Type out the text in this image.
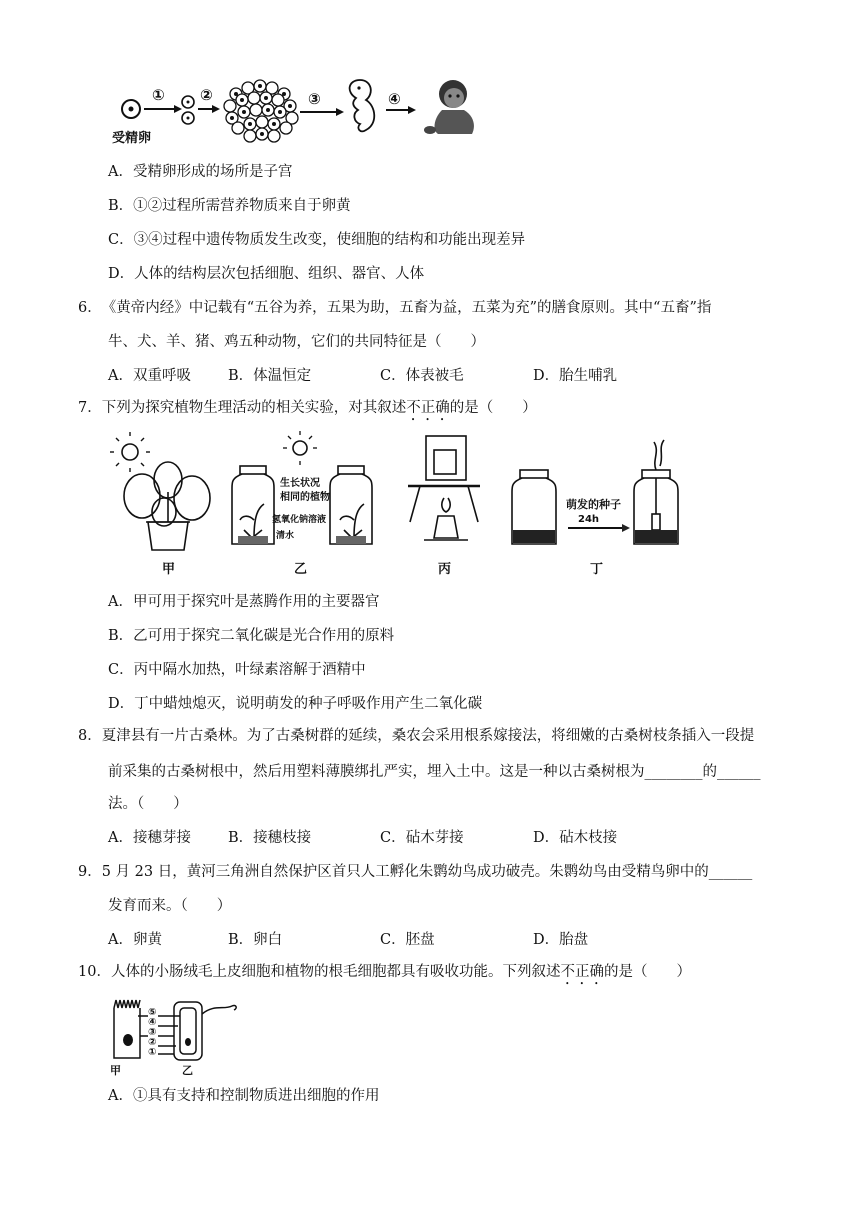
受精卵
① ②	③	④
A．受精卵形成的场所是子宫
B．①②过程所需营养物质来自于卵黄
C．③④过程中遗传物质发生改变，使细胞的结构和功能出现差异
D．人体的结构层次包括细胞、组织、器官、人体
6．　《黄帝内经》中记载有“五谷为养，五果为助，五畜为益，五菜为充”的膳食原则。其中“五畜”指
牛、犬、羊、猪、鸡五种动物，它们的共同特征是（　　）
A．双重呼吸	B．体温恒定	C．体表被毛	D．胎生哺乳
7．下列为探究植物生理活动的相关实验，对其叙述不正确的是（　　）
生长状况
相同的植物
氢氧化钠溶液
清水
萌发的种子
24h
甲	乙	丙	丁
A．甲可用于探究叶是蒸腾作用的主要器官
B．乙可用于探究二氧化碳是光合作用的原料
C．丙中隔水加热，叶绿素溶解于酒精中
D．丁中蜡烛熄灭，说明萌发的种子呼吸作用产生二氧化碳
8．夏津县有一片古桑林。为了古桑树群的延续，桑农会采用根系嫁接法，将细嫩的古桑树枝条插入一段提
前采集的古桑树根中，然后用塑料薄膜绑扎严实，埋入土中。这是一种以古桑树根为________的______
法。（　　）
A．接穗芽接	B．接穗枝接	C．砧木芽接	D．砧木枝接
9．5 月 23 日，黄河三角洲自然保护区首只人工孵化朱鹮幼鸟成功破壳。朱鹮幼鸟由受精鸟卵中的______
发育而来。（　　）
A．卵黄	B．卵白	C．胚盘	D．胎盘
10．人体的小肠绒毛上皮细胞和植物的根毛细胞都具有吸收功能。下列叙述不正确的是（　　）
⑤
④
③
②
①
甲	乙
A．①具有支持和控制物质进出细胞的作用
